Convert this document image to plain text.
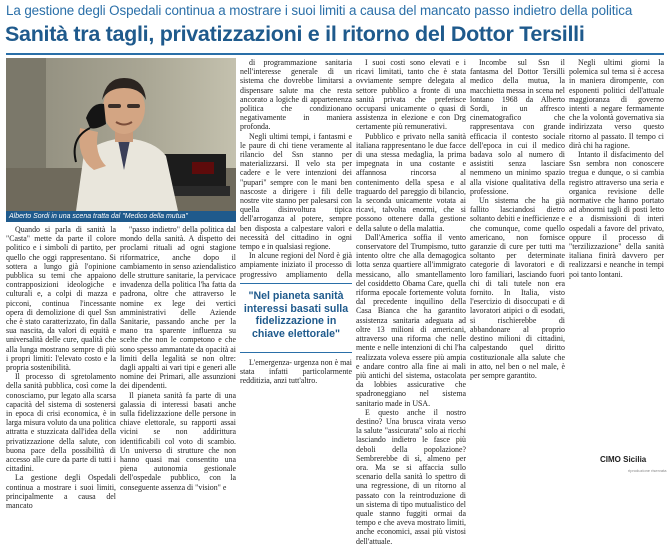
La gestione degli Ospedali continua a mostrare i suoi limiti a causa del mancato passo indietro della politica
Sanità tra tagli, privatizzazioni e il ritorno del Dottor Tersilli
Alberto Sordi in una scena tratta dal "Medico della mutua"

Quando si parla di sanità la "Casta" mette da parte il colore politico e i simboli di partito, per quello che oggi rappresentano. Si sottera a lungo già l'opinione pubblica su temi che appaiono contrapposizioni ideologiche e culturali e, a colpi di mazza e picconi, continua l'incessante opera di demolizione di quel Ssn che è stato caratterizzato, fin dalla sua nascita, da valori di equità e universalità delle cure, qualità che alla lunga mostrano sempre di più i propri limiti: l'elevato costo e la propria sostenibilità.

Il processo di sgretolamento della sanità pubblica, così come la conosciamo, pur legato alla scarsa capacità del sistema di sostenersi in epoca di crisi economica, è in larga misura voluto da una politica attratta e stuzzicata dall'idea della privatizzazione della salute, con buona pace della possibilità di accesso alle cure da parte di tutti i cittadini.

La gestione degli Ospedali continua a mostrare i suoi limiti, principalmente a causa del mancato

"passo indietro" della politica dal mondo della sanità. A dispetto dei proclami rituali ad ogni stagione riformatrice, anche dopo il cambiamento in senso aziendalistico delle strutture sanitarie, la pervicace invadenza della politica l'ha fatta da padrona, oltre che attraverso le nomine ex lege dei vertici amministrativi delle Aziende Sanitarie, passando anche per la mano tra sparente influenza su scelte che non le competono e che sono spesso ammantate da opacità ai limiti della legalità se non oltre: dagli appalti ai vari tipi e generi alle nomine dei Primari, alle assunzioni dei dipendenti.

Il pianeta sanità fa parte di una galassia di interessi basati anche sulla fidelizzazione delle persone in chiave elettorale, su rapporti assai vicini se non addirittura identificabili col voto di scambio. Un universo di strutture che non hanno quasi mai consentito una piena autonomia gestionale dell'ospedale pubblico, con la conseguente assenza di "vision" e

di programmazione sanitaria nell'interesse generale di un sistema che dovrebbe limitarsi a dispensare salute ma che resta ancorato a logiche di appartenenza politica che condizionano negativamente in maniera profonda.

Negli ultimi tempi, i fantasmi e le paure di chi tiene veramente al rilancio del Ssn stanno per materializzarsi. Il velo sta per cadere e le vere intenzioni dei "pupari" sempre con le mani ben nascoste a dirigere i fili delle nostre vite stanno per palesarsi con quella disinvoltura tipica dell'arroganza al potere, sempre ben disposta a calpestare valori e necessità del cittadino in ogni tempo e in qualsiasi regione.

In alcune regioni del Nord è già ampiamente iniziato il processo di progressivo ampliamento della

"Nel pianeta sanità interessi basati sulla fidelizzazione in chiave elettorale"

L'emergenza- urgenza non è mai stata infatti particolarmente redditizia, anzi tutt'altro.

I suoi costi sono elevati e i ricavi limitati, tanto che è stata ovviamente sempre delegata al settore pubblico a fronte di una sanità privata che preferisce occuparsi unicamente o quasi di assistenza in elezione e con Drg certamente più remunerativi.

Pubblico e privato nella sanità italiana rappresentano le due facce di una stessa medaglia, la prima impegnata in una costante e affannosa rincorsa al contenimento della spesa e al traguardo del pareggio di bilancio, la seconda unicamente votata ai ricavi, talvolta enormi, che si possono ottenere dalla gestione della salute o della malattia.

Dall'America soffia il vento conservatore del Trumpismo, tutto intento oltre che alla demagogica lotta senza quartiere all'immigrato messicano, allo smantellamento del cosiddetto Obama Care, quella riforma epocale fortemente voluta dal precedente inquilino della Casa Bianca che ha garantito assistenza sanitaria adeguata ad oltre 13 milioni di americani, attraverso una riforma che nelle mente e nelle intenzioni di chi l'ha realizzata voleva essere più ampia e andare contro alla fine ai mali più antichi del sistema, ostacolata da lobbies assicurative che spadroneggiano nel sistema sanitario made in USA.

E questo anche il nostro destino? Una brusca virata verso la salute "assicurata" solo ai ricchi lasciando indietro le fasce più deboli della popolazione? Sembrerebbe di sì, almeno per ora. Ma se si affaccia sullo scenario della sanità lo spettro di una regressione, di un ritorno al passato con la reintroduzione di un sistema di tipo mutualistico del quale stanno fuggiti ormai da tempo e che aveva mostrato limiti, anche economici, assai più vistosi dell'attuale.

Incombe sul Ssn il fantasma del Dottor Tersilli medico della mutua, la macchietta messa in scena nel lontano 1968 da Alberto Sordi, in un affresco cinematografico che rappresentava con grande efficacia il contesto sociale dell'epoca in cui il medico badava solo al numero di assistiti senza lasciare nemmeno un minimo spazio alla visione qualitativa della professione.

Un sistema che ha già fallito lasciandosi dietro soltanto debiti e inefficienze e che comunque, come quello americano, non fornisce garanzie di cure per tutti ma soltanto per determinate categorie di lavoratori e di loro familiari, lasciando fuori chi di tali tutele non era fornito. In Italia, visto l'esercizio di disoccupati e di lavoratori atipici o di esodati, si rischierebbe di abbandonare al proprio destino milioni di cittadini, calpestando quel diritto costituzionale alla salute che in atto, nel ben o nel male, è per sempre garantito.

Negli ultimi giorni la polemica sul tema si è accesa in maniera dirompente, con esponenti politici dell'attuale maggioranza di governo intenti a negare fermamente che la volontà governativa sia indirizzata verso questo ritorno al passato. Il tempo ci dirà chi ha ragione.

Intanto il disfacimento del Ssn sembra non conoscere tregua e dunque, o si cambia registro attraverso una seria e organica revisione delle normative che hanno portato ad abnormi tagli di posti letto e a dismissioni di interi ospedali a favore del privato, oppure il processo di "terzilizzazione" della sanità italiana finirà davvero per realizzarsi e neanche in tempi poi tanto lontani.

CIMO Sicilia
riproduzione riservata
